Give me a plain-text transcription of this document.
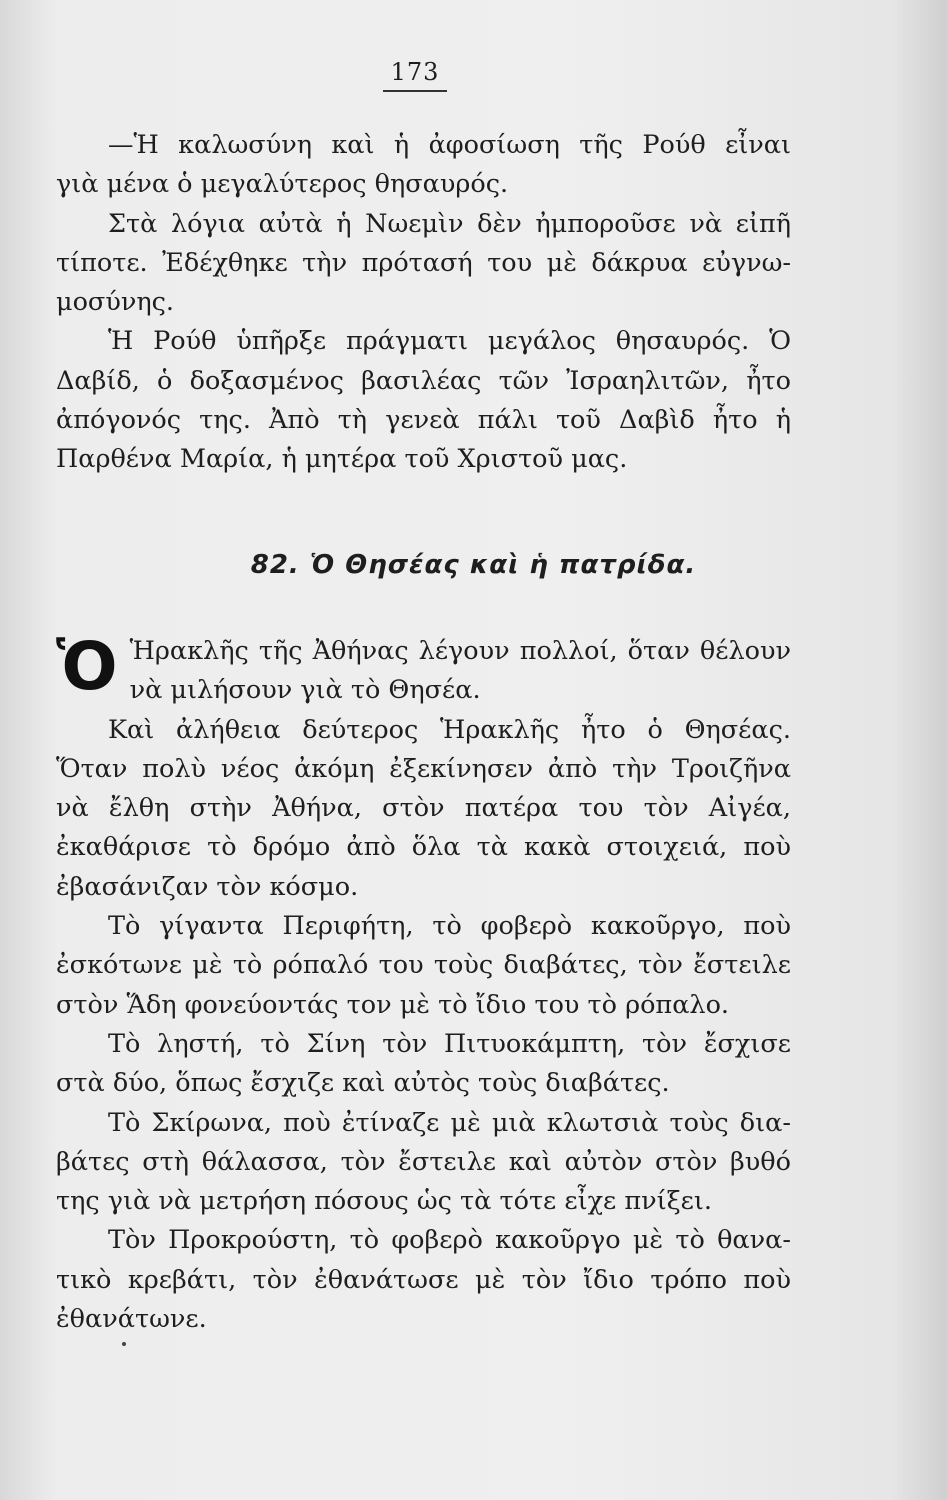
173

—Ἡ καλωσύνη καὶ ἡ ἀφοσίωση τῆς Ρούθ εἶναι
γιὰ μένα ὁ μεγαλύτερος θησαυρός.

Στὰ λόγια αὐτὰ ἡ Νωεμὶν δὲν ἠμποροῦσε νὰ εἰπῆ
τίποτε. Ἐδέχθηκε τὴν πρότασή του μὲ δάκρυα εὐγνω-
μοσύνης.

Ἡ Ρούθ ὑπῆρξε πράγματι μεγάλος θησαυρός. Ὁ
Δαβίδ, ὁ δοξασμένος βασιλέας τῶν Ἰσραηλιτῶν, ἦτο
ἀπόγονός της. Ἀπὸ τὴ γενεὰ πάλι τοῦ Δαβὶδ ἦτο ἡ
Παρθένα Μαρία, ἡ μητέρα τοῦ Χριστοῦ μας.

82. Ὁ Θησέας καὶ ἡ πατρίδα.

Ὁ Ἡρακλῆς τῆς Ἀθήνας λέγουν πολλοί, ὅταν θέλουν
νὰ μιλήσουν γιὰ τὸ Θησέα.

Καὶ ἀλήθεια δεύτερος Ἡρακλῆς ἦτο ὁ Θησέας.
Ὅταν πολὺ νέος ἀκόμη ἐξεκίνησεν ἀπὸ τὴν Τροιζῆνα
νὰ ἔλθη στὴν Ἀθήνα, στὸν πατέρα του τὸν Αἰγέα,
ἐκαθάρισε τὸ δρόμο ἀπὸ ὅλα τὰ κακὰ στοιχειά, ποὺ
ἐβασάνιζαν τὸν κόσμο.

Τὸ γίγαντα Περιφήτη, τὸ φοβερὸ κακοῦργο, ποὺ
ἐσκότωνε μὲ τὸ ρόπαλό του τοὺς διαβάτες, τὸν ἔστειλε
στὸν Ἅδη φονεύοντάς τον μὲ τὸ ἴδιο του τὸ ρόπαλο.

Τὸ ληστή, τὸ Σίνη τὸν Πιτυοκάμπτη, τὸν ἔσχισε
στὰ δύο, ὅπως ἔσχιζε καὶ αὐτὸς τοὺς διαβάτες.

Τὸ Σκίρωνα, ποὺ ἐτίναζε μὲ μιὰ κλωτσιὰ τοὺς δια-
βάτες στὴ θάλασσα, τὸν ἔστειλε καὶ αὐτὸν στὸν βυθό
της γιὰ νὰ μετρήση πόσους ὡς τὰ τότε εἶχε πνίξει.

Τὸν Προκρούστη, τὸ φοβερὸ κακοῦργο μὲ τὸ θανα-
τικὸ κρεβάτι, τὸν ἐθανάτωσε μὲ τὸν ἴδιο τρόπο ποὺ
ἐθανάτωνε.
